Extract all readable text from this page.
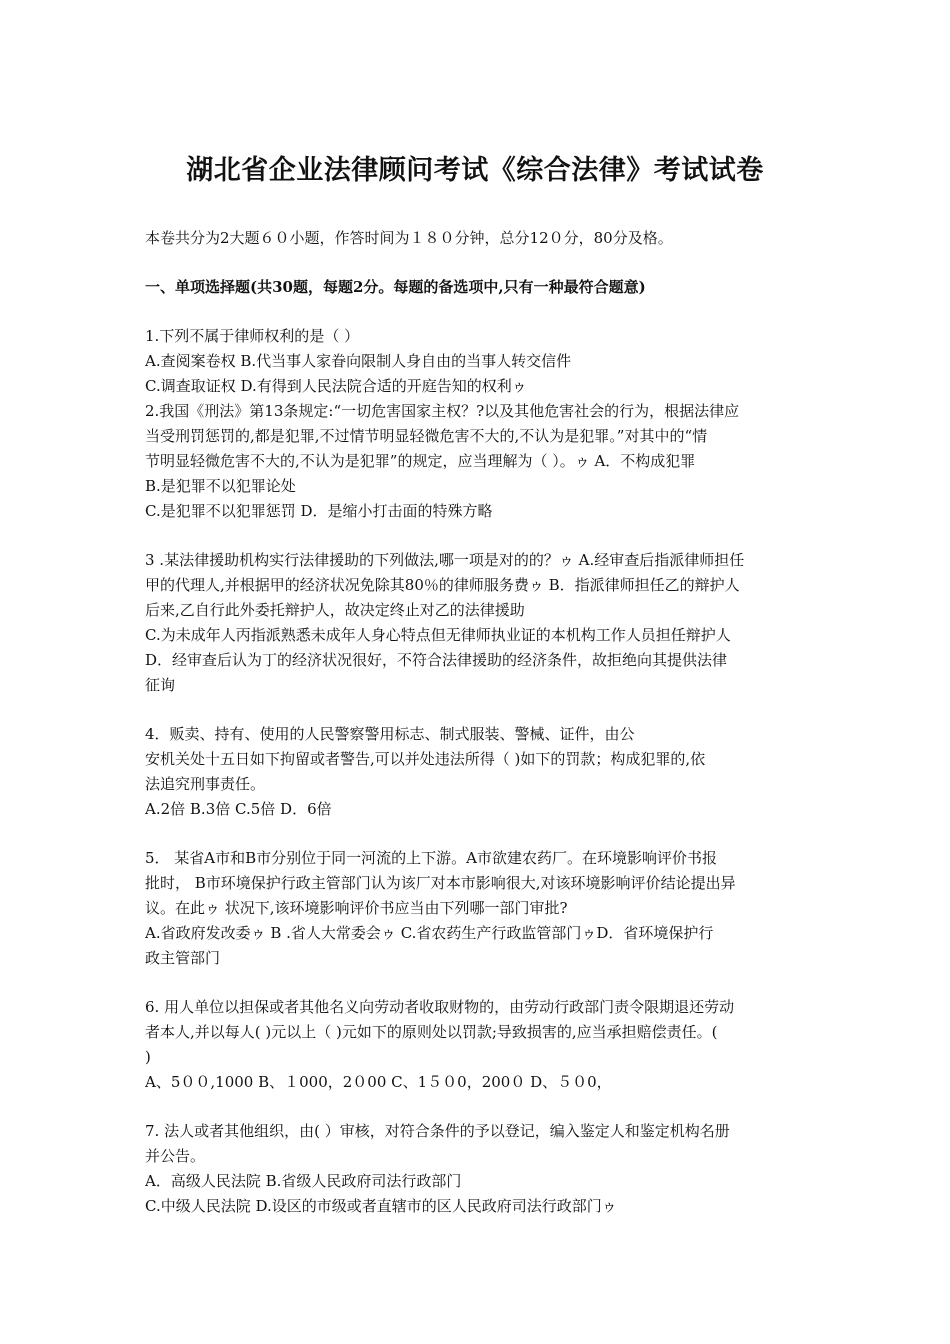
湖北省企业法律顾问考试《综合法律》考试试卷
本卷共分为2大题６０小题，作答时间为１８０分钟，总分12０分，80分及格。
一、单项选择题(共30题，每题2分。每题的备选项中,只有一种最符合题意)
1.下列不属于律师权利的是（ ）
A.查阅案卷权 B.代当事人家眷向限制人身自由的当事人转交信件
C.调查取证权 D.有得到人民法院合适的开庭告知的权利ゥ
2.我国《刑法》第13条规定:“一切危害国家主权？?以及其他危害社会的行为，根据法律应
当受刑罚惩罚的,都是犯罪,不过情节明显轻微危害不大的,不认为是犯罪。”对其中的“情
节明显轻微危害不大的,不认为是犯罪”的规定，应当理解为（ ）。ゥ A．不构成犯罪
B.是犯罪不以犯罪论处
C.是犯罪不以犯罪惩罚 D．是缩小打击面的特殊方略
3 .某法律援助机构实行法律援助的下列做法,哪一项是对的的？ゥ A.经审查后指派律师担任
甲的代理人,并根据甲的经济状况免除其80％的律师服务费ゥ B．指派律师担任乙的辩护人
后来,乙自行此外委托辩护人，故决定终止对乙的法律援助
C.为未成年人丙指派熟悉未成年人身心特点但无律师执业证的本机构工作人员担任辩护人
D．经审查后认为丁的经济状况很好，不符合法律援助的经济条件，故拒绝向其提供法律
征询
4．贩卖、持有、使用的人民警察警用标志、制式服装、警械、证件，由公
安机关处十五日如下拘留或者警告,可以并处违法所得（ )如下的罚款；构成犯罪的,依
法追究刑事责任。
A.2倍 B.3倍 C.5倍 D．6倍
5． 某省A市和B市分别位于同一河流的上下游。A市欲建农药厂。在环境影响评价书报
批时， B市环境保护行政主管部门认为该厂对本市影响很大,对该环境影响评价结论提出异
议。在此ゥ 状况下,该环境影响评价书应当由下列哪一部门审批?
A.省政府发改委ゥ B .省人大常委会ゥ C.省农药生产行政监管部门ゥD．省环境保护行
政主管部门
6. 用人单位以担保或者其他名义向劳动者收取财物的，由劳动行政部门责令限期退还劳动
者本人,并以每人( )元以上（ )元如下的原则处以罚款;导致损害的,应当承担赔偿责任。(
)
A、5００,1000 B、１000，2０00 C、1５０0，200０ D、５０0，
7. 法人或者其他组织，由( ）审核，对符合条件的予以登记，编入鉴定人和鉴定机构名册
并公告。
A．高级人民法院 B.省级人民政府司法行政部门
C.中级人民法院 D.设区的市级或者直辖市的区人民政府司法行政部门ゥ
